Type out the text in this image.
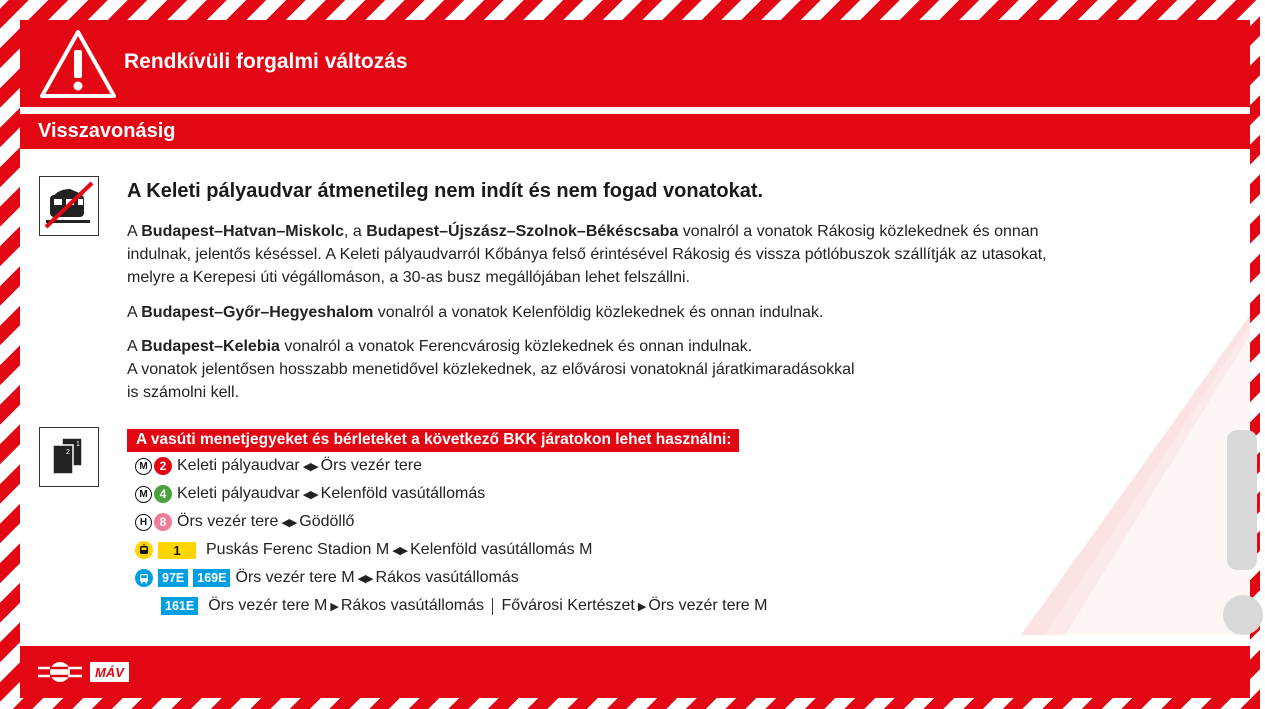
Rendkívüli forgalmi változás
Visszavonásig
A Keleti pályaudvar átmenetileg nem indít és nem fogad vonatokat.
A Budapest–Hatvan–Miskolc, a Budapest–Újszász–Szolnok–Békéscsaba vonalról a vonatok Rákosig közlekednek és onnan indulnak, jelentős késéssel. A Keleti pályaudvarról Kőbánya felső érintésével Rákosig és vissza pótlóbuszok szállítják az utasokat, melyre a Kerepesi úti végállomáson, a 30-as busz megállójában lehet felszállni.
A Budapest–Győr–Hegyeshalom vonalról a vonatok Kelenföldig közlekednek és onnan indulnak.

A Budapest–Kelebia vonalról a vonatok Ferencvárosig közlekednek és onnan indulnak.

A vonatok jelentősen hosszabb menetidővel közlekednek, az elővárosi vonatoknál járatkimaradásokkal

is számolni kell.

1
2
A vasúti menetjegyeket és bérleteket a következő BKK járatokon lehet használni:
M 2 Keleti pályaudvar ◀▶ Örs vezér tere
M 4 Keleti pályaudvar ◀▶ Kelenföld vasútállomás
H	8 Örs vezér tere ◀▶ Gödöllő
1	Puskás Ferenc Stadion M ◀▶ Kelenföld vasútállomás M
97E	169E Örs vezér tere M ◀▶ Rákos vasútállomás
161E Örs vezér tere M ▶ Rákos vasútállomás Fővárosi Kertészet ▶ Örs vezér tere M
MÁV
